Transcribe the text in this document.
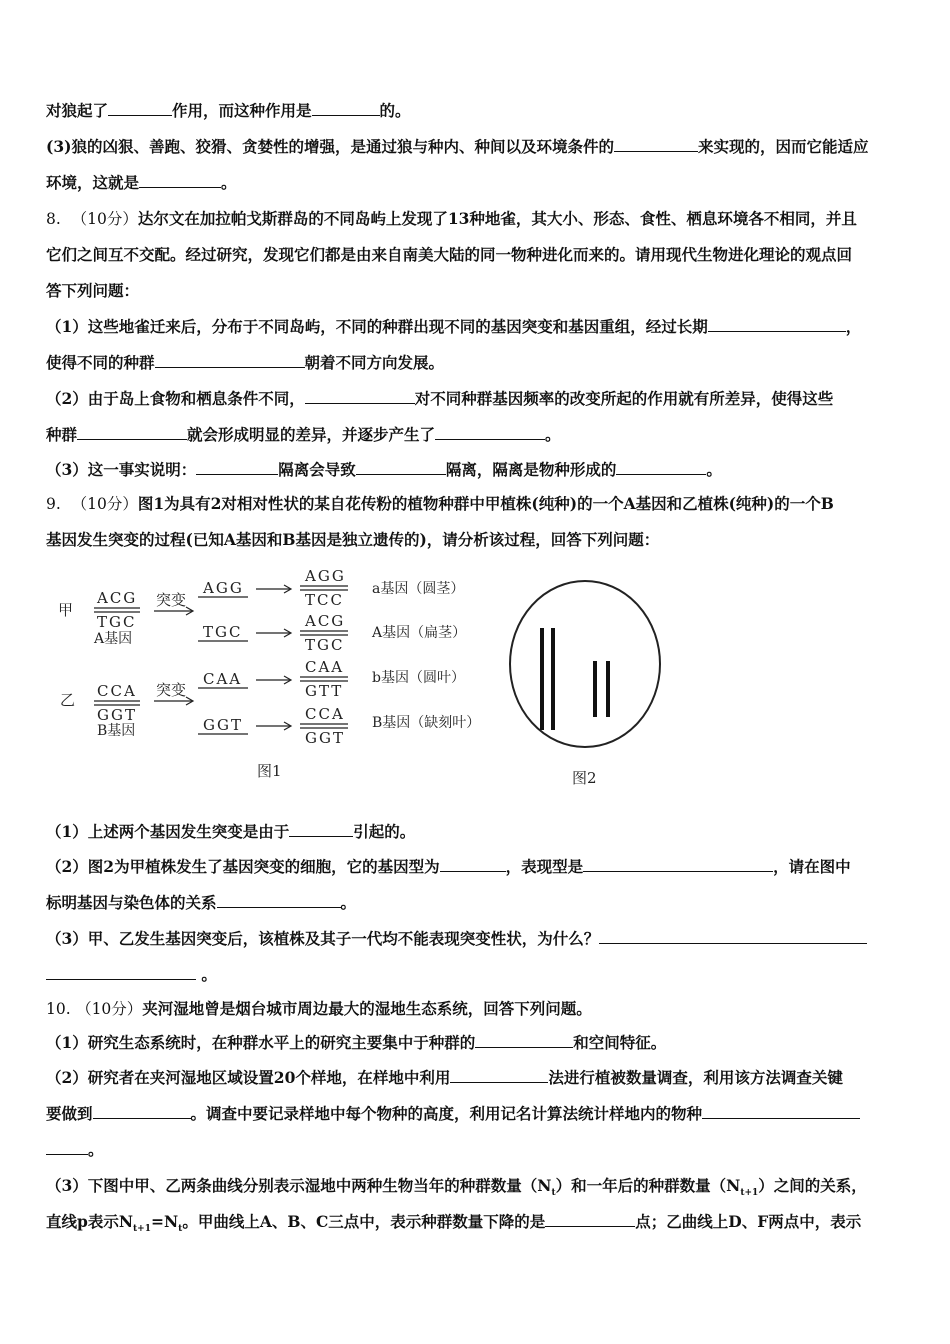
对狼起了	作用，而这种作用是	的。
(3)狼的凶狠、善跑、狡猾、贪婪性的增强，是通过狼与种内、种间以及环境条件的	来实现的，因而它能适应
环境，这就是	。
8. （10分）达尔文在加拉帕戈斯群岛的不同岛屿上发现了13种地雀，其大小、形态、食性、栖息环境各不相同，并且
它们之间互不交配。经过研究，发现它们都是由来自南美大陆的同一物种进化而来的。请用现代生物进化理论的观点回
答下列问题：
（1）这些地雀迁来后，分布于不同岛屿，不同的种群出现不同的基因突变和基因重组，经过长期	，
使得不同的种群	朝着不同方向发展。
（2）由于岛上食物和栖息条件不同，	对不同种群基因频率的改变所起的作用就有所差异，使得这些
种群	就会形成明显的差异，并逐步产生了	。
（3）这一事实说明：	隔离会导致	隔离，隔离是物种形成的	。
9. （10分）图1为具有2对相对性状的某自花传粉的植物种群中甲植株(纯种)的一个A基因和乙植株(纯种)的一个B
基因发生突变的过程(已知A基因和B基因是独立遗传的)，请分析该过程，回答下列问题：
甲
乙
ACG
TGC
A基因
突变
AGG
AGG
TCC
a基因（圆茎）
TGC
ACG
TGC
A基因（扁茎）
CCA
GGT
B基因
突变
CAA
CAA
GTT
b基因（圆叶）
GGT
CCA
GGT
B基因（缺刻叶）
图1	图2
（1）上述两个基因发生突变是由于	引起的。
（2）图2为甲植株发生了基因突变的细胞，它的基因型为	，表现型是	，请在图中
标明基因与染色体的关系	。
（3）甲、乙发生基因突变后，该植株及其子一代均不能表现突变性状，为什么？
。
10. （10分）夹河湿地曾是烟台城市周边最大的湿地生态系统，回答下列问题。
（1）研究生态系统时，在种群水平上的研究主要集中于种群的	和空间特征。
（2）研究者在夹河湿地区域设置20个样地，在样地中利用	法进行植被数量调查，利用该方法调查关键
要做到	。调查中要记录样地中每个物种的高度，利用记名计算法统计样地内的物种
。
（3）下图中甲、乙两条曲线分别表示湿地中两种生物当年的种群数量$(N_t)$和一年后的种群数量$(N_{t+1})$之间的关系，
直线p表示$N_{t+1}=N_t$。甲曲线上A、B、C三点中，表示种群数量下降的是	点；乙曲线上D、F两点中，表示
